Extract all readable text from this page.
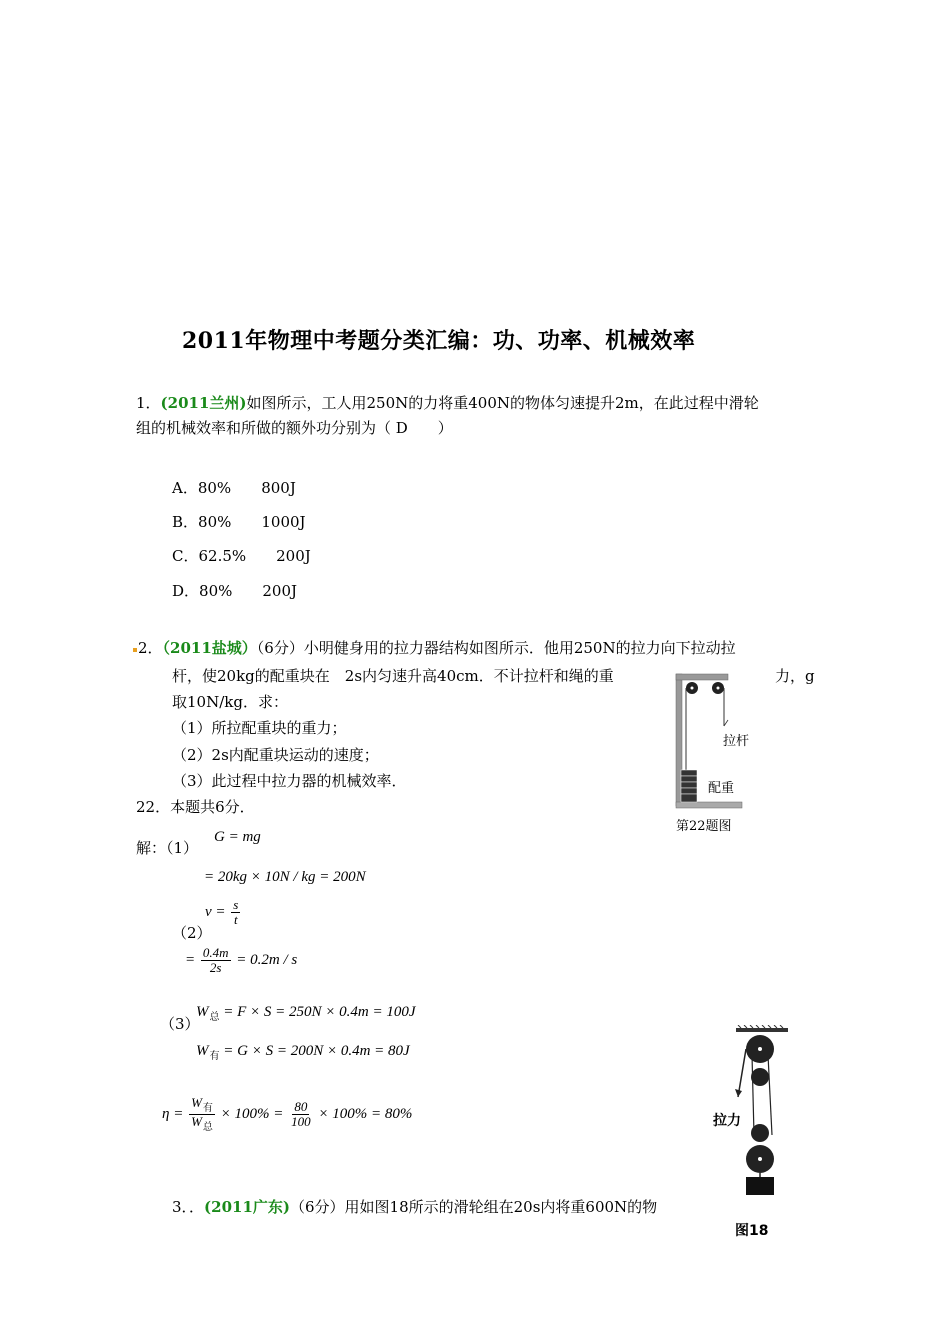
2011年物理中考题分类汇编：功、功率、机械效率
1．(2011兰州)如图所示，工人用250N的力将重400N的物体匀速提升2m，在此过程中滑轮
组的机械效率和所做的额外功分别为（ D　　）
A．80% 800J
B．80% 1000J
C．62.5% 200J
D．80% 200J
2．（2011盐城）（6分）小明健身用的拉力器结构如图所示．他用250N的拉力向下拉动拉
杆，使20kg的配重块在　2s内匀速升高40cm．不计拉杆和绳的重	力，g
取10N/kg．求：
（1）所拉配重块的重力；
（2）2s内配重块运动的速度；
（3）此过程中拉力器的机械效率．
拉杆
配重
第22题图
22．本题共6分．
解：（1）
G = mg
= 20kg × 10N / kg = 200N
（2）
$v = \frac{s}{t}$
= $\frac{0.4m}{2s} = 0.2m / s$
（3）
$W_总 = F \times S = 250N \times 0.4m = 100J$
$W_有 = G \times S = 200N \times 0.4m = 80J$
$\eta = \frac{W_有}{W_总} \times 100\% = \frac{80}{100} \times 100\% = 80\%$	拉力
图18
3．．(2011广东)（6分）用如图18所示的滑轮组在20s内将重600N的物
